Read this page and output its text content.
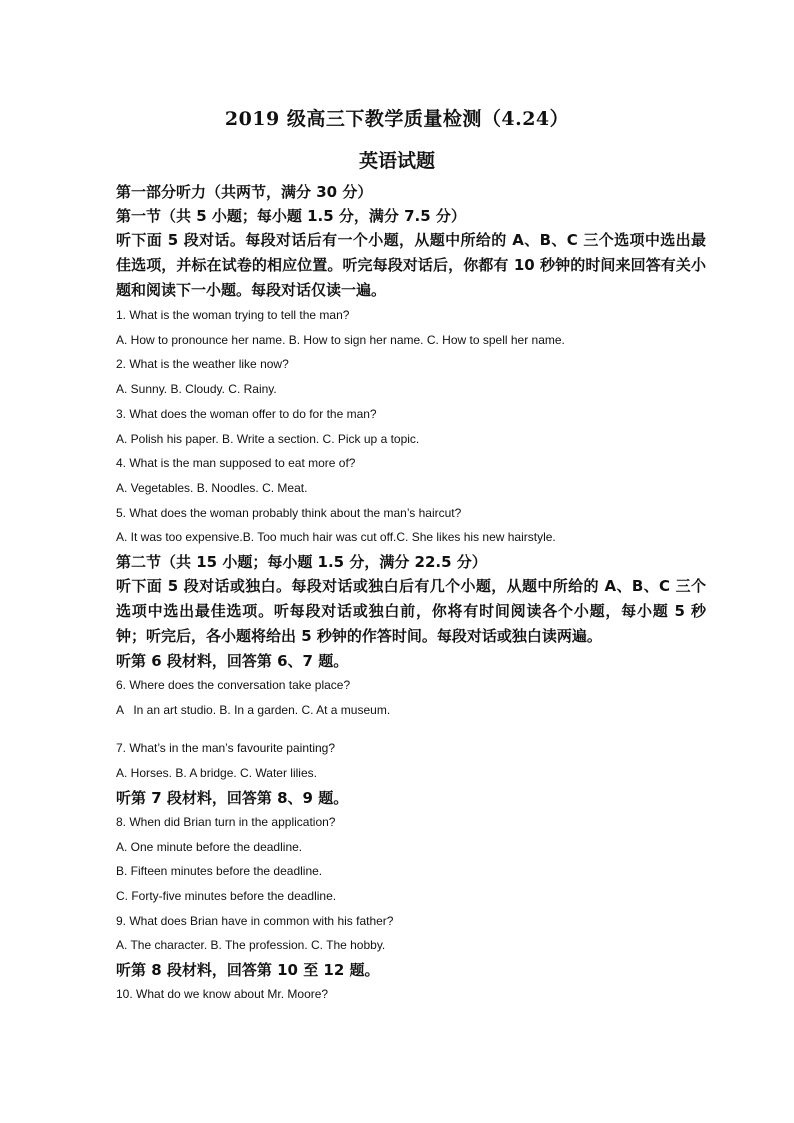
2019 级高三下教学质量检测（4.24）
英语试题

第一部分听力（共两节，满分 30 分）

第一节（共 5 小题；每小题 1.5 分，满分 7.5 分）

听下面 5 段对话。每段对话后有一个小题，从题中所给的 A、B、C 三个选项中选出最佳选项，并标在试卷的相应位置。听完每段对话后，你都有 10 秒钟的时间来回答有关小题和阅读下一小题。每段对话仅读一遍。

1. What is the woman trying to tell the man?

A. How to pronounce her name. B. How to sign her name. C. How to spell her name.

2. What is the weather like now?

A. Sunny. B. Cloudy. C. Rainy.

3. What does the woman offer to do for the man?

A. Polish his paper. B. Write a section. C. Pick up a topic.

4. What is the man supposed to eat more of?

A. Vegetables. B. Noodles. C. Meat.

5. What does the woman probably think about the man’s haircut?

A. It was too expensive.B. Too much hair was cut off.C. She likes his new hairstyle.

第二节（共 15 小题；每小题 1.5 分，满分 22.5 分）

听下面 5 段对话或独白。每段对话或独白后有几个小题，从题中所给的 A、B、C 三个选项中选出最佳选项。听每段对话或独白前，你将有时间阅读各个小题，每小题 5 秒钟；听完后，各小题将给出 5 秒钟的作答时间。每段对话或独白读两遍。

听第 6 段材料，回答第 6、7 题。

6. Where does the conversation take place?

A   In an art studio. B. In a garden. C. At a museum.

7. What’s in the man’s favourite painting?

A. Horses. B. A bridge. C. Water lilies.

听第 7 段材料，回答第 8、9 题。

8. When did Brian turn in the application?

A. One minute before the deadline.

B. Fifteen minutes before the deadline.

C. Forty-five minutes before the deadline.

9. What does Brian have in common with his father?

A. The character. B. The profession. C. The hobby.

听第 8 段材料，回答第 10 至 12 题。

10. What do we know about Mr. Moore?
